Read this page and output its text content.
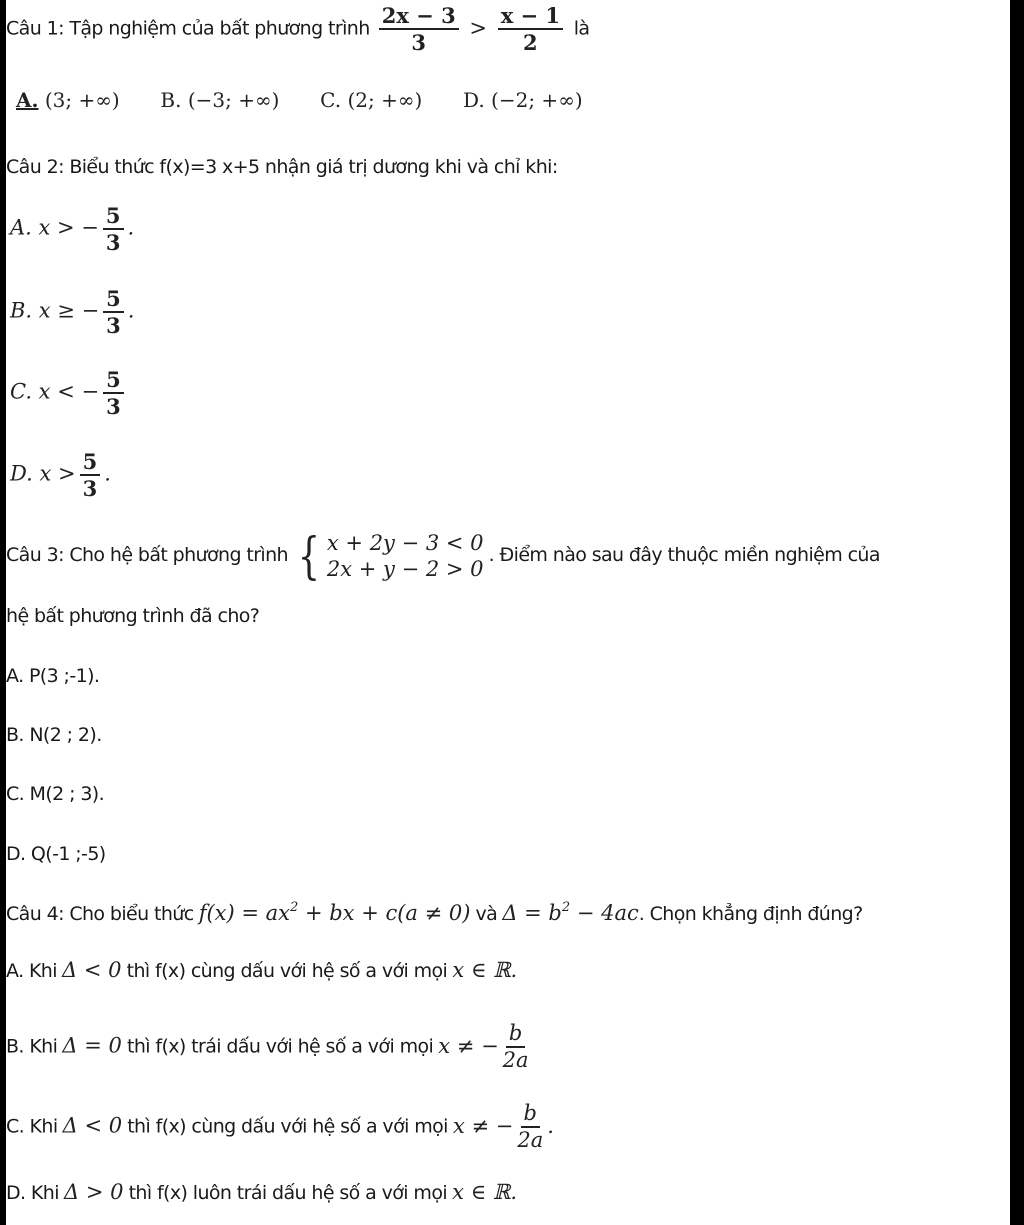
Câu 1: Tập nghiệm của bất phương trình $\frac{2x - 3}{3} > \frac{x - 1}{2}$ là
A. (3; +∞) B. (−3; +∞) C. (2; +∞) D. (−2; +∞)
Câu 2: Biểu thức f(x)=3 x+5 nhận giá trị dương khi và chỉ khi:
A. x > − $\frac{5}{3}$ .
B. x ≥ − $\frac{5}{3}$ .
C. x < − $\frac{5}{3}$
D. $x > \frac{5}{3}$ .
Câu 3: Cho hệ bất phương trình { x + 2y − 3 < 0
2x + y − 2 > 0
. Điểm nào sau đây thuộc miền nghiệm của
hệ bất phương trình đã cho?
A. P(3 ;-1).
B. N(2 ; 2).
C. M(2 ; 3).
D. Q(-1 ;-5)
Câu 4: Cho biểu thức $f(x) = ax^2$ + bx + c(a ≠ 0) và $\Delta = b^2 - 4ac$. Chọn khẳng định đúng?
A. Khi Δ < 0 thì f(x) cùng dấu với hệ số a với mọi x ∈ ℝ.
B. Khi Δ = 0 thì f(x) trái dấu với hệ số a với mọi x ≠ − $\frac{b}{2a}$
C. Khi Δ < 0 thì f(x) cùng dấu với hệ số a với mọi x ≠ − $\frac{b}{2a}$ .
D. Khi Δ > 0 thì f(x) luôn trái dấu hệ số a với mọi x ∈ ℝ.
